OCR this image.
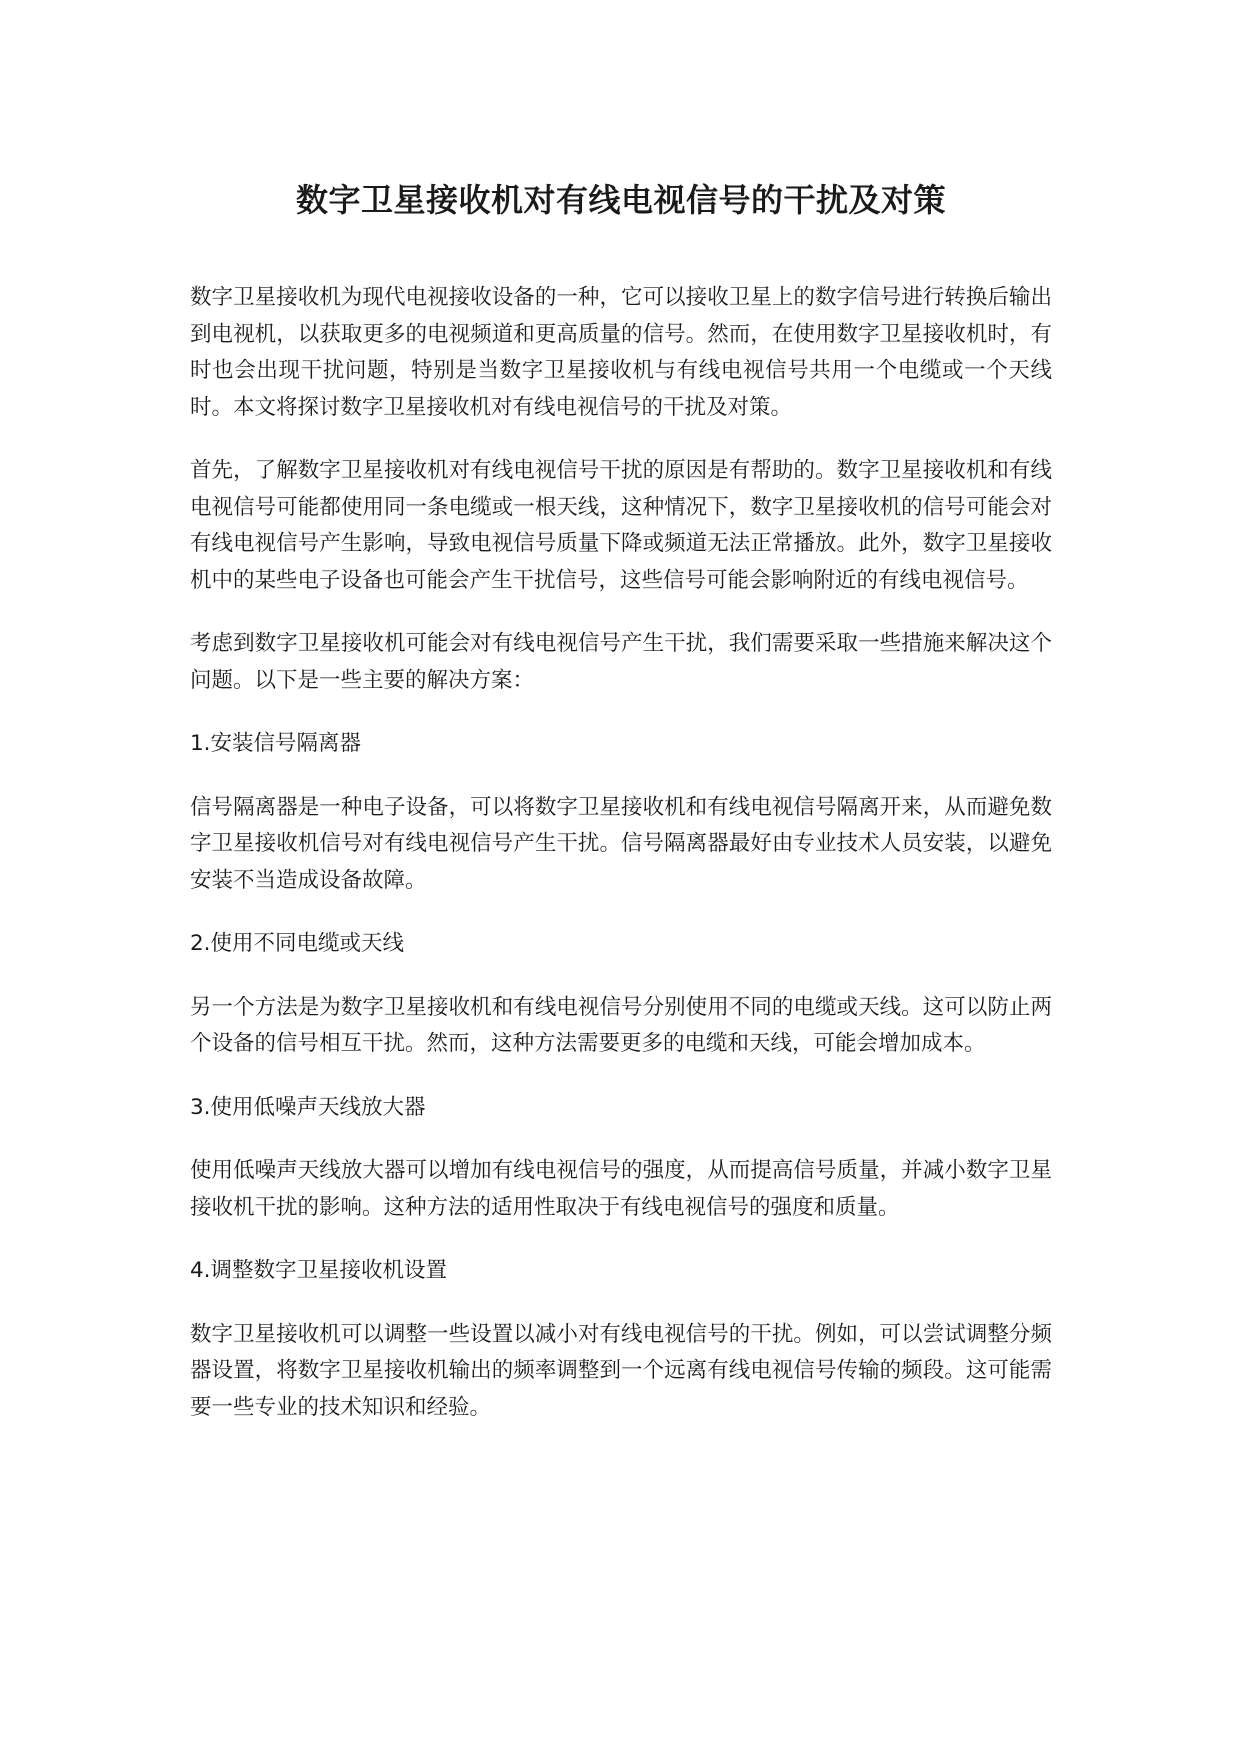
数字卫星接收机对有线电视信号的干扰及对策

数字卫星接收机为现代电视接收设备的一种，它可以接收卫星上的数字信号进行转换后输出到电视机，以获取更多的电视频道和更高质量的信号。然而，在使用数字卫星接收机时，有时也会出现干扰问题，特别是当数字卫星接收机与有线电视信号共用一个电缆或一个天线时。本文将探讨数字卫星接收机对有线电视信号的干扰及对策。

首先，了解数字卫星接收机对有线电视信号干扰的原因是有帮助的。数字卫星接收机和有线电视信号可能都使用同一条电缆或一根天线，这种情况下，数字卫星接收机的信号可能会对有线电视信号产生影响，导致电视信号质量下降或频道无法正常播放。此外，数字卫星接收机中的某些电子设备也可能会产生干扰信号，这些信号可能会影响附近的有线电视信号。

考虑到数字卫星接收机可能会对有线电视信号产生干扰，我们需要采取一些措施来解决这个问题。以下是一些主要的解决方案：

1.安装信号隔离器

信号隔离器是一种电子设备，可以将数字卫星接收机和有线电视信号隔离开来，从而避免数字卫星接收机信号对有线电视信号产生干扰。信号隔离器最好由专业技术人员安装，以避免安装不当造成设备故障。

2.使用不同电缆或天线

另一个方法是为数字卫星接收机和有线电视信号分别使用不同的电缆或天线。这可以防止两个设备的信号相互干扰。然而，这种方法需要更多的电缆和天线，可能会增加成本。

3.使用低噪声天线放大器

使用低噪声天线放大器可以增加有线电视信号的强度，从而提高信号质量，并减小数字卫星接收机干扰的影响。这种方法的适用性取决于有线电视信号的强度和质量。

4.调整数字卫星接收机设置

数字卫星接收机可以调整一些设置以减小对有线电视信号的干扰。例如，可以尝试调整分频器设置，将数字卫星接收机输出的频率调整到一个远离有线电视信号传输的频段。这可能需要一些专业的技术知识和经验。
